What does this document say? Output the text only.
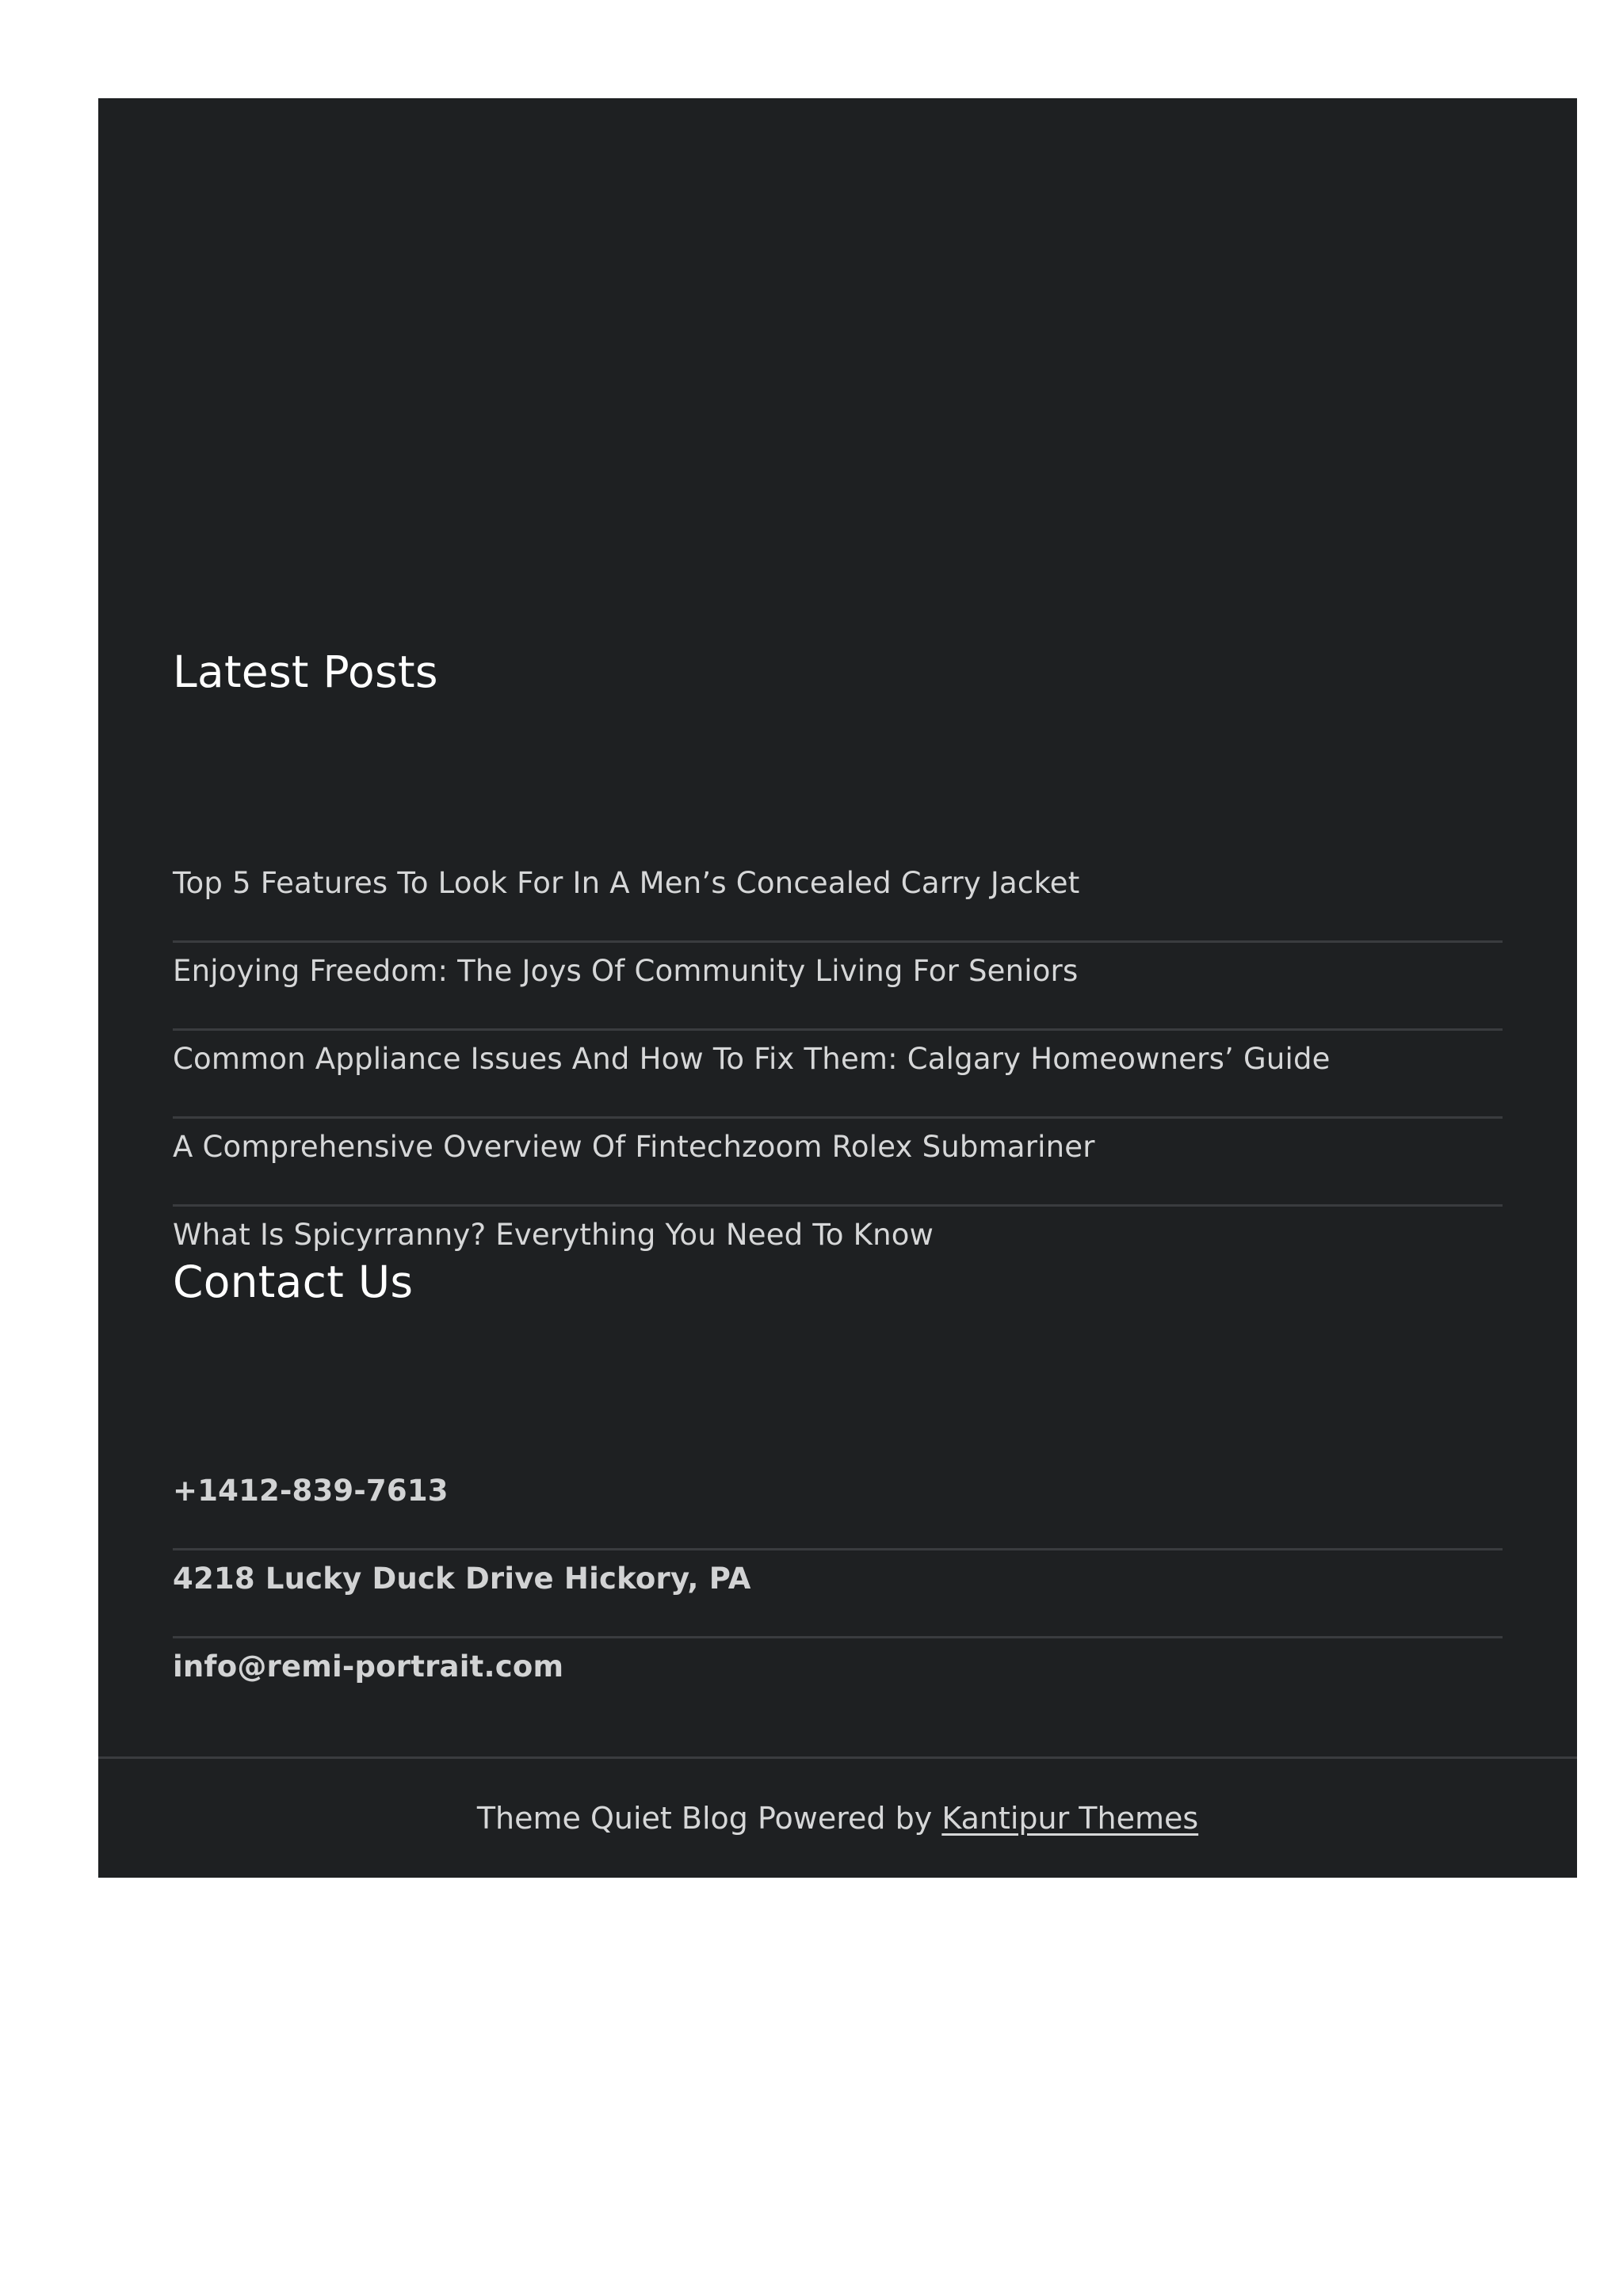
Latest Posts
Top 5 Features To Look For In A Men’s Concealed Carry Jacket
Enjoying Freedom: The Joys Of Community Living For Seniors
Common Appliance Issues And How To Fix Them: Calgary Homeowners’ Guide
A Comprehensive Overview Of Fintechzoom Rolex Submariner
What Is Spicyrranny? Everything You Need To Know
Contact Us
+1412-839-7613
4218 Lucky Duck Drive Hickory, PA
info@remi-portrait.com
Theme Quiet Blog Powered by Kantipur Themes
